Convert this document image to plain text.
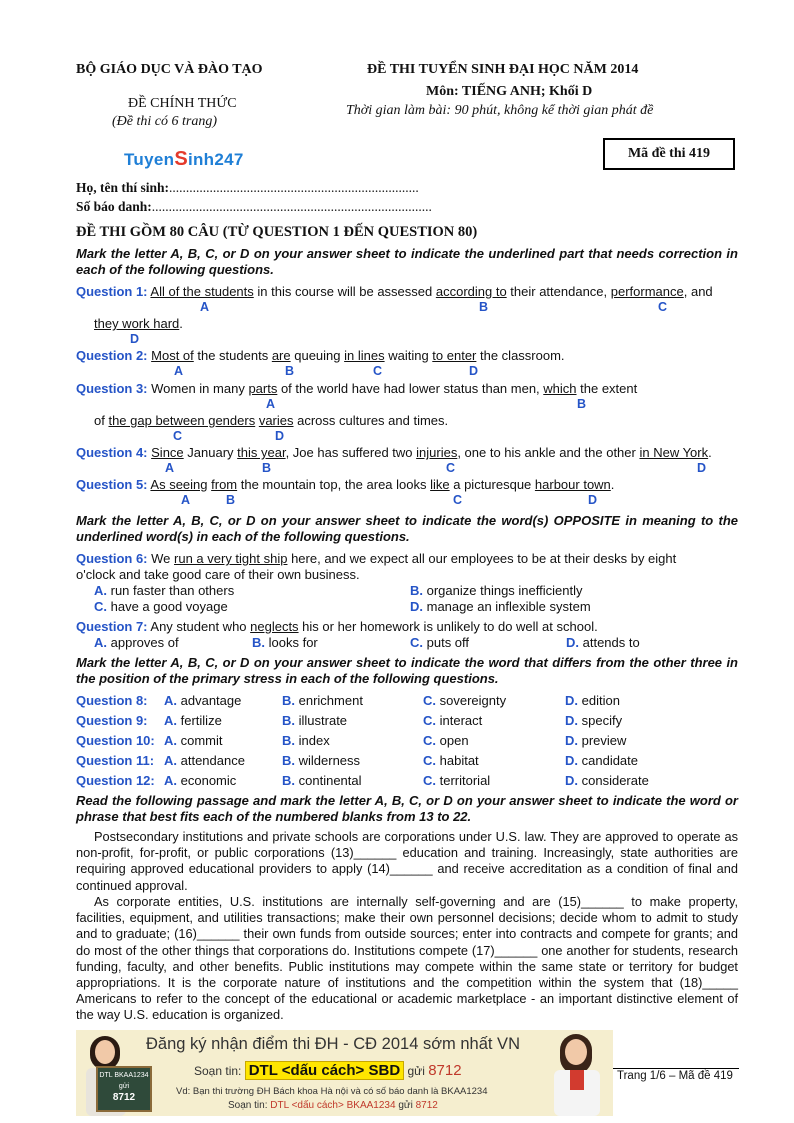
BỘ GIÁO DỤC VÀ ĐÀO TẠO
ĐỀ CHÍNH THỨC
(Đề thi có 6 trang)
TuyenSinh247
ĐỀ THI TUYỂN SINH ĐẠI HỌC NĂM 2014
Môn: TIẾNG ANH; Khối D
Thời gian làm bài: 90 phút, không kể thời gian phát đề
Mã đề thi 419
Họ, tên thí sinh:..........................................................................
Số báo danh:...................................................................................
ĐỀ THI GỒM 80 CÂU (TỪ QUESTION 1 ĐẾN QUESTION 80)
Mark the letter A, B, C, or D on your answer sheet to indicate the underlined part that needs correction in each of the following questions.
Question 1: All of the students in this course will be assessed according to their attendance, performance, and
A	B	C
they work hard.
D
Question 2: Most of the students are queuing in lines waiting to enter the classroom.
A	B	C	D
Question 3: Women in many parts of the world have had lower status than men, which the extent
A	B
of the gap between genders varies across cultures and times.
C	D
Question 4: Since January this year, Joe has suffered two injuries, one to his ankle and the other in New York.
A	B	C	D
Question 5: As seeing from the mountain top, the area looks like a picturesque harbour town.
A	B	C	D
Mark the letter A, B, C, or D on your answer sheet to indicate the word(s) OPPOSITE in meaning to the underlined word(s) in each of the following questions.
Question 6: We run a very tight ship here, and we expect all our employees to be at their desks by eight
o'clock and take good care of their own business.
A. run faster than others	B. organize things inefficiently
C. have a good voyage	D. manage an inflexible system
Question 7: Any student who neglects his or her homework is unlikely to do well at school.
A. approves of	B. looks for	C. puts off	D. attends to
Mark the letter A, B, C, or D on your answer sheet to indicate the word that differs from the other three in the position of the primary stress in each of the following questions.
Question 8: A. advantage	B. enrichment	C. sovereignty	D. edition
Question 9: A. fertilize	B. illustrate	C. interact	D. specify
Question 10: A. commit	B. index	C. open	D. preview
Question 11: A. attendance	B. wilderness	C. habitat	D. candidate
Question 12: A. economic	B. continental	C. territorial	D. considerate
Read the following passage and mark the letter A, B, C, or D on your answer sheet to indicate the word or phrase that best fits each of the numbered blanks from 13 to 22.
Postsecondary institutions and private schools are corporations under U.S. law. They are approved to operate as non-profit, for-profit, or public corporations (13)______ education and training. Increasingly, state authorities are requiring approved educational providers to apply (14)______ and receive accreditation as a condition of final and continued approval.
As corporate entities, U.S. institutions are internally self-governing and are (15)______ to make property, facilities, equipment, and utilities transactions; make their own personnel decisions; decide whom to admit to study and to graduate; (16)______ their own funds from outside sources; enter into contracts and compete for grants; and do most of the other things that corporations do. Institutions compete (17)______ one another for students, research funding, faculty, and other benefits. Public institutions may compete within the same state or territory for budget appropriations. It is the corporate nature of institutions and the competition within the system that (18)_____ Americans to refer to the concept of the educational or academic marketplace - an important distinctive element of the way U.S. education is organized.
DTL BKAA1234
gửi
8712
Đăng ký nhận điểm thi ĐH - CĐ 2014 sớm nhất VN
Soạn tin: DTL <dấu cách> SBD gửi 8712
Vd: Bạn thi trường ĐH Bách khoa Hà nội và có số báo danh là BKAA1234
Soạn tin: DTL <dấu cách> BKAA1234 gửi 8712
Trang 1/6 – Mã đề 419
